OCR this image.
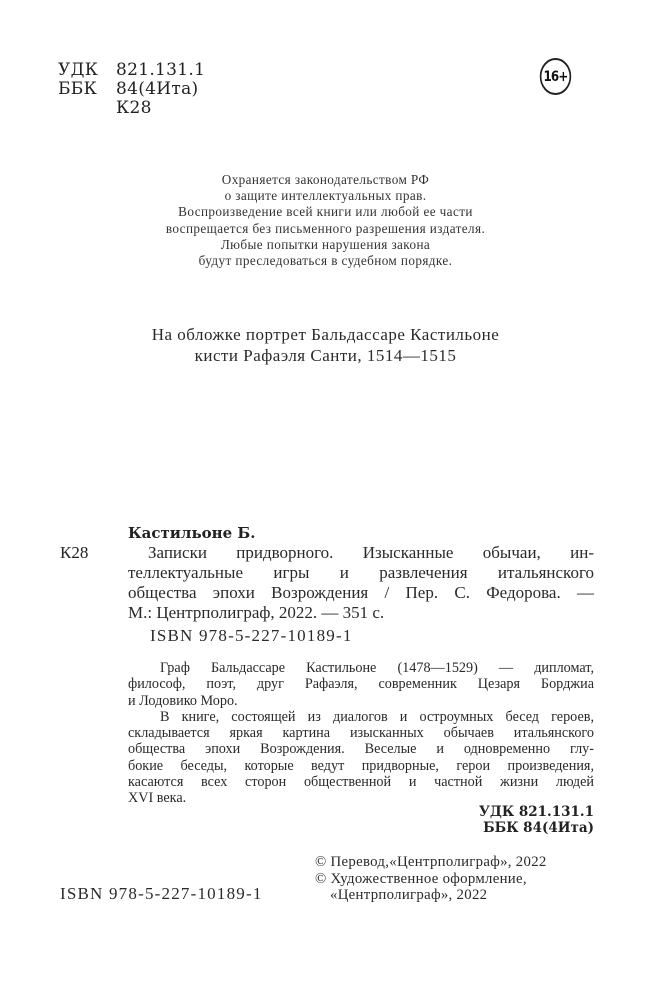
УДК	821.131.1
ББК	84(4Ита)
К28
16+
Охраняется законодательством РФ
о защите интеллектуальных прав.
Воспроизведение всей книги или любой ее части
воспрещается без письменного разрешения издателя.
Любые попытки нарушения закона
будут преследоваться в судебном порядке.
На обложке портрет Бальдассаре Кастильоне
кисти Рафаэля Санти, 1514—1515
Кастильоне Б.
К28	Записки придворного. Изысканные обычаи, ин-
теллектуальные игры и развлечения итальянского
общества эпохи Возрождения / Пер. С. Федорова. —
М.: Центрполиграф, 2022. — 351 с.
ISBN 978-5-227-10189-1
Граф Бальдассаре Кастильоне (1478—1529) — дипломат,
философ, поэт, друг Рафаэля, современник Цезаря Борджиа
и Лодовико Моро.
В книге, состоящей из диалогов и остроумных бесед героев,
складывается яркая картина изысканных обычаев итальянского
общества эпохи Возрождения. Веселые и одновременно глу-
бокие беседы, которые ведут придворные, герои произведения,
касаются всех сторон общественной и частной жизни людей
XVI века.
УДК 821.131.1
ББК 84(4Ита)
ISBN 978-5-227-10189-1
© Перевод,«Центрполиграф», 2022
© Художественное оформление,
«Центрполиграф», 2022
